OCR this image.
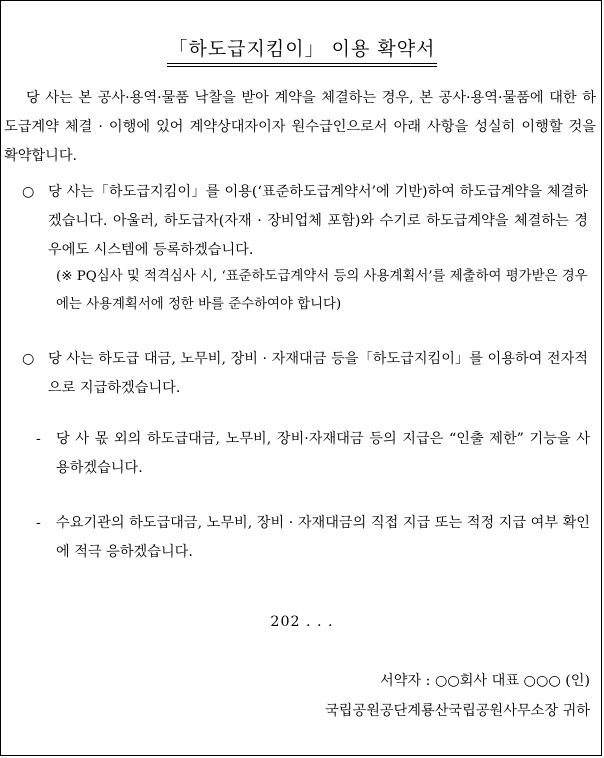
「하도급지킴이」 이용 확약서
당 사는 본 공사·용역·물품 낙찰을 받아 계약을 체결하는 경우, 본 공사·용역·물품에 대한 하도급계약 체결 · 이행에 있어 계약상대자이자 원수급인으로서 아래 사항을 성실히 이행할 것을 확약합니다.
○ 당 사는「하도급지킴이」를 이용(‘표준하도급계약서’에 기반)하여 하도급계약을 체결하겠습니다. 아울러, 하도급자(자재 · 장비업체 포함)와 수기로 하도급계약을 체결하는 경우에도 시스템에 등록하겠습니다.
(※ PQ심사 및 적격심사 시, ‘표준하도급계약서 등의 사용계획서’를 제출하여 평가받은 경우에는 사용계획서에 정한 바를 준수하여야 합니다)
○ 당 사는 하도급 대금, 노무비, 장비 · 자재대금 등을「하도급지킴이」를 이용하여 전자적으로 지급하겠습니다.
- 당 사 몫 외의 하도급대금, 노무비, 장비·자재대금 등의 지급은 “인출 제한” 기능을 사용하겠습니다.
- 수요기관의 하도급대금, 노무비, 장비 · 자재대금의 직접 지급 또는 적정 지급 여부 확인에 적극 응하겠습니다.
202 . . .
서약자 : ○○회사 대표 ○○○ (인)
국립공원공단계룡산국립공원사무소장 귀하
